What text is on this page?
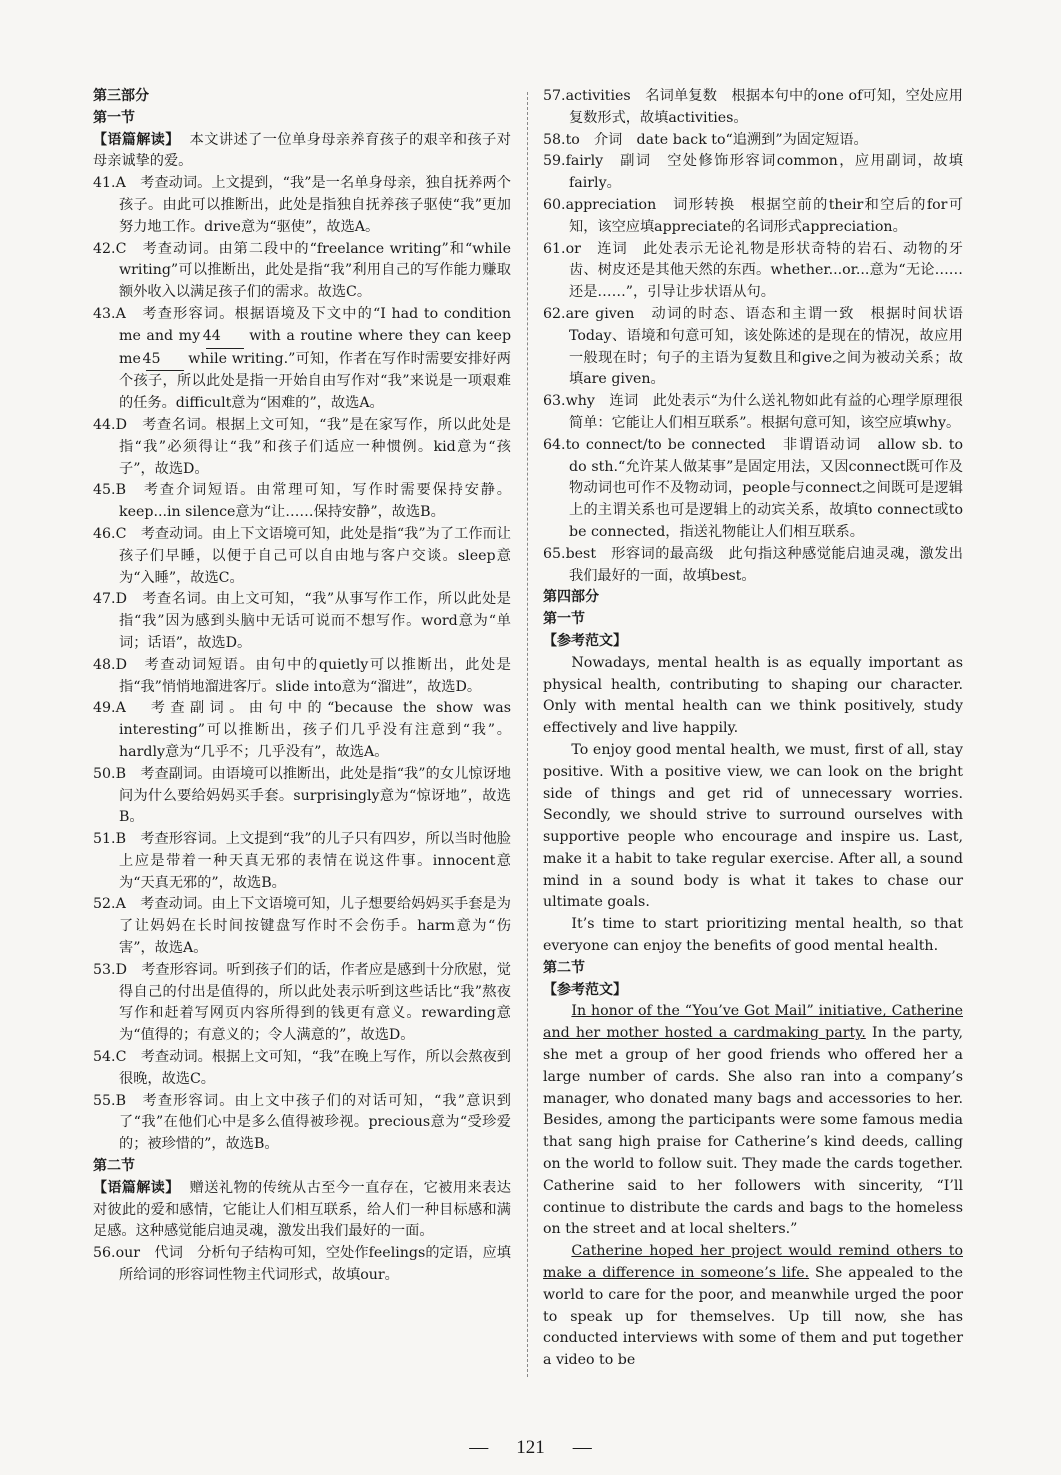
第三部分

第一节

【语篇解读】 本文讲述了一位单身母亲养育孩子的艰辛和孩子对母亲诚挚的爱。

41.A　考查动词。上文提到，“我”是一名单身母亲，独自抚养两个孩子。由此可以推断出，此处是指独自抚养孩子驱使“我”更加努力地工作。drive意为“驱使”，故选A。

42.C　考查动词。由第二段中的“freelance writing”和“while writing”可以推断出，此处是指“我”利用自己的写作能力赚取额外收入以满足孩子们的需求。故选C。

43.A　考查形容词。根据语境及下文中的“I had to condition me and my 44 with a routine where they can keep me 45 while writing.”可知，作者在写作时需要安排好两个孩子，所以此处是指一开始自由写作对“我”来说是一项艰难的任务。difficult意为“困难的”，故选A。

44.D　考查名词。根据上文可知，“我”是在家写作，所以此处是指“我”必须得让“我”和孩子们适应一种惯例。kid意为“孩子”，故选D。

45.B　考查介词短语。由常理可知，写作时需要保持安静。keep...in silence意为“让……保持安静”，故选B。

46.C　考查动词。由上下文语境可知，此处是指“我”为了工作而让孩子们早睡，以便于自己可以自由地与客户交谈。sleep意为“入睡”，故选C。

47.D　考查名词。由上文可知，“我”从事写作工作，所以此处是指“我”因为感到头脑中无话可说而不想写作。word意为“单词；话语”，故选D。

48.D　考查动词短语。由句中的quietly可以推断出，此处是指“我”悄悄地溜进客厅。slide into意为“溜进”，故选D。

49.A　考查副词。由句中的“because the show was interesting”可以推断出，孩子们几乎没有注意到“我”。hardly意为“几乎不；几乎没有”，故选A。

50.B　考查副词。由语境可以推断出，此处是指“我”的女儿惊讶地问为什么要给妈妈买手套。surprisingly意为“惊讶地”，故选B。

51.B　考查形容词。上文提到“我”的儿子只有四岁，所以当时他脸上应是带着一种天真无邪的表情在说这件事。innocent意为“天真无邪的”，故选B。

52.A　考查动词。由上下文语境可知，儿子想要给妈妈买手套是为了让妈妈在长时间按键盘写作时不会伤手。harm意为“伤害”，故选A。

53.D　考查形容词。听到孩子们的话，作者应是感到十分欣慰，觉得自己的付出是值得的，所以此处表示听到这些话比“我”熬夜写作和赶着写网页内容所得到的钱更有意义。rewarding意为“值得的；有意义的；令人满意的”，故选D。

54.C　考查动词。根据上文可知，“我”在晚上写作，所以会熬夜到很晚，故选C。

55.B　考查形容词。由上文中孩子们的对话可知，“我”意识到了“我”在他们心中是多么值得被珍视。precious意为“受珍爱的；被珍惜的”，故选B。

第二节

【语篇解读】 赠送礼物的传统从古至今一直存在，它被用来表达对彼此的爱和感情，它能让人们相互联系，给人们一种目标感和满足感。这种感觉能启迪灵魂，激发出我们最好的一面。

56.our　代词　分析句子结构可知，空处作feelings的定语，应填所给词的形容词性物主代词形式，故填our。

57.activities　名词单复数　根据本句中的one of可知，空处应用复数形式，故填activities。

58.to　介词　date back to“追溯到”为固定短语。

59.fairly　副词　空处修饰形容词common，应用副词，故填fairly。

60.appreciation　词形转换　根据空前的their和空后的for可知，该空应填appreciate的名词形式appreciation。

61.or　连词　此处表示无论礼物是形状奇特的岩石、动物的牙齿、树皮还是其他天然的东西。whether...or...意为“无论……还是……”，引导让步状语从句。

62.are given　动词的时态、语态和主谓一致　根据时间状语Today、语境和句意可知，该处陈述的是现在的情况，故应用一般现在时；句子的主语为复数且和give之间为被动关系；故填are given。

63.why　连词　此处表示“为什么送礼物如此有益的心理学原理很简单：它能让人们相互联系”。根据句意可知，该空应填why。

64.to connect/to be connected　非谓语动词　allow sb. to do sth.“允许某人做某事”是固定用法，又因connect既可作及物动词也可作不及物动词，people与connect之间既可是逻辑上的主谓关系也可是逻辑上的动宾关系，故填to connect或to be connected，指送礼物能让人们相互联系。

65.best　形容词的最高级　此句指这种感觉能启迪灵魂，激发出我们最好的一面，故填best。

第四部分

第一节

【参考范文】

Nowadays, mental health is as equally important as physical health, contributing to shaping our character. Only with mental health can we think positively, study effectively and live happily.

To enjoy good mental health, we must, first of all, stay positive. With a positive view, we can look on the bright side of things and get rid of unnecessary worries. Secondly, we should strive to surround ourselves with supportive people who encourage and inspire us. Last, make it a habit to take regular exercise. After all, a sound mind in a sound body is what it takes to chase our ultimate goals.

It’s time to start prioritizing mental health, so that everyone can enjoy the benefits of good mental health.

第二节

【参考范文】

In honor of the “You’ve Got Mail” initiative, Catherine and her mother hosted a cardmaking party. In the party, she met a group of her good friends who offered her a large number of cards. She also ran into a company’s manager, who donated many bags and accessories to her. Besides, among the participants were some famous media that sang high praise for Catherine’s kind deeds, calling on the world to follow suit. They made the cards together. Catherine said to her followers with sincerity, “I’ll continue to distribute the cards and bags to the homeless on the street and at local shelters.”

Catherine hoped her project would remind others to make a difference in someone’s life. She appealed to the world to care for the poor, and meanwhile urged the poor to speak up for themselves. Up till now, she has conducted interviews with some of them and put together a video to be

— 121 —
